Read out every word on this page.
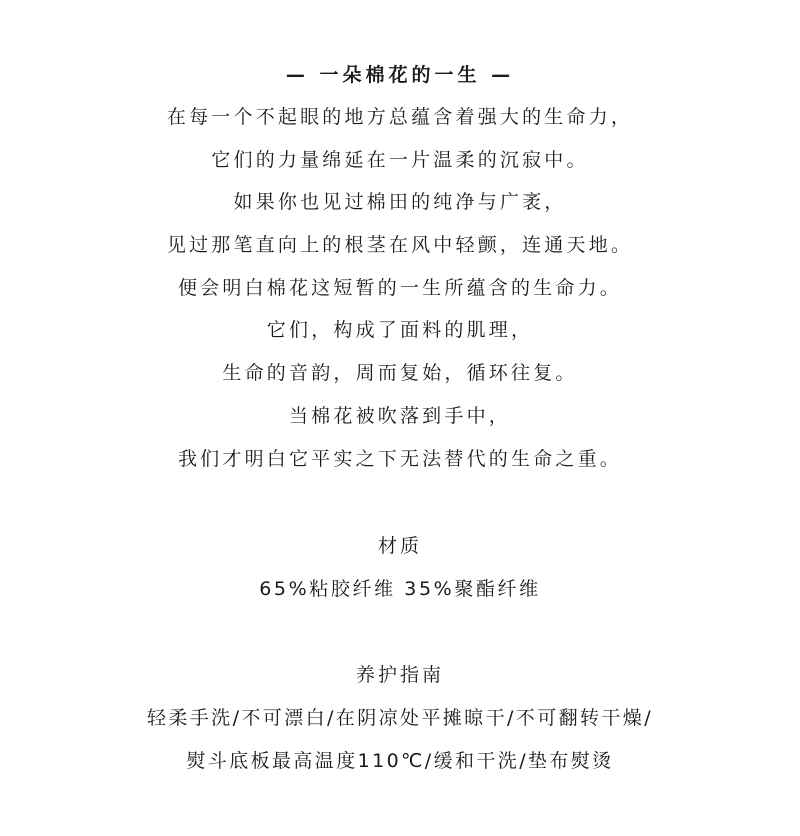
— 一朵棉花的一生 —
在每一个不起眼的地方总蕴含着强大的生命力，
它们的力量绵延在一片温柔的沉寂中。
如果你也见过棉田的纯净与广袤，
见过那笔直向上的根茎在风中轻颤，连通天地。
便会明白棉花这短暂的一生所蕴含的生命力。
它们，构成了面料的肌理，
生命的音韵，周而复始，循环往复。
当棉花被吹落到手中，
我们才明白它平实之下无法替代的生命之重。
材质
65%粘胶纤维 35%聚酯纤维
养护指南
轻柔手洗/不可漂白/在阴凉处平摊晾干/不可翻转干燥/
熨斗底板最高温度110℃/缓和干洗/垫布熨烫
